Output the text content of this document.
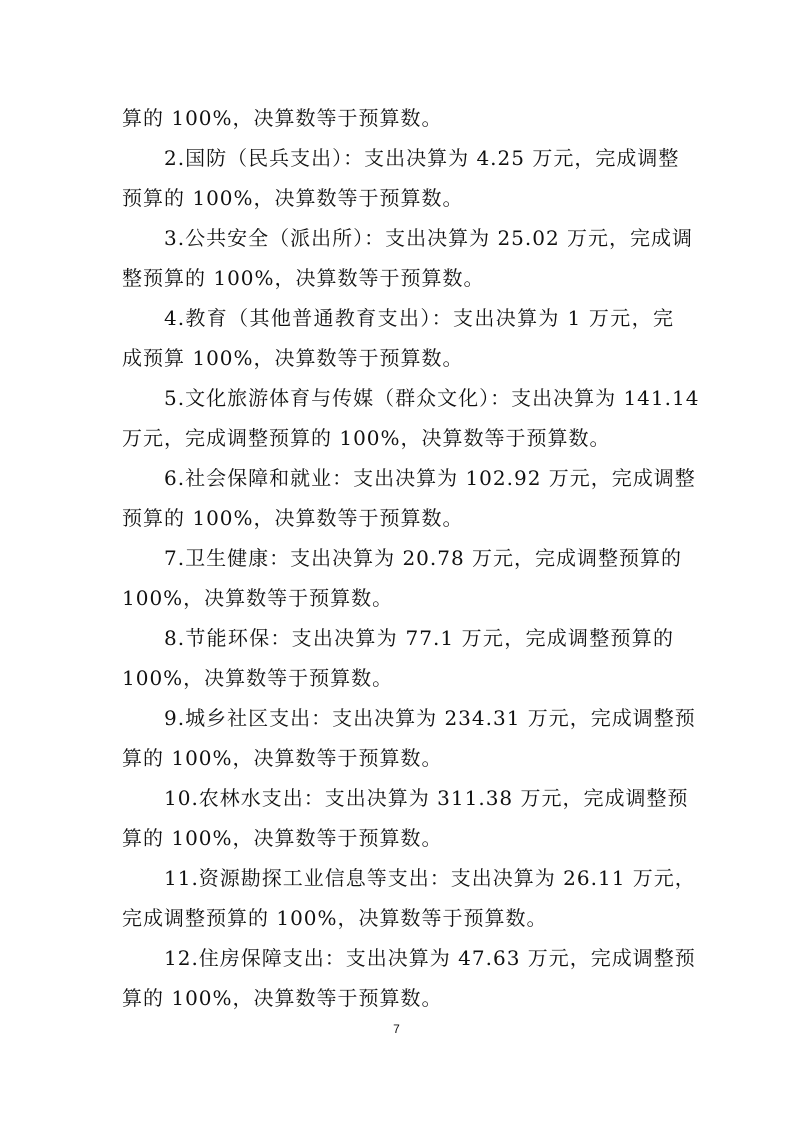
算的 100%，决算数等于预算数。
2.国防（民兵支出）：支出决算为 4.25 万元，完成调整
预算的 100%，决算数等于预算数。
3.公共安全（派出所）：支出决算为 25.02 万元，完成调
整预算的 100%，决算数等于预算数。
4.教育（其他普通教育支出）：支出决算为 1 万元，完
成预算 100%，决算数等于预算数。
5.文化旅游体育与传媒（群众文化）：支出决算为 141.14
万元，完成调整预算的 100%，决算数等于预算数。
6.社会保障和就业：支出决算为 102.92 万元，完成调整
预算的 100%，决算数等于预算数。
7.卫生健康：支出决算为 20.78 万元，完成调整预算的
100%，决算数等于预算数。
8.节能环保：支出决算为 77.1 万元，完成调整预算的
100%，决算数等于预算数。
9.城乡社区支出：支出决算为 234.31 万元，完成调整预
算的 100%，决算数等于预算数。
10.农林水支出：支出决算为 311.38 万元，完成调整预
算的 100%，决算数等于预算数。
11.资源勘探工业信息等支出：支出决算为 26.11 万元，
完成调整预算的 100%，决算数等于预算数。
12.住房保障支出：支出决算为 47.63 万元，完成调整预
算的 100%，决算数等于预算数。
7
